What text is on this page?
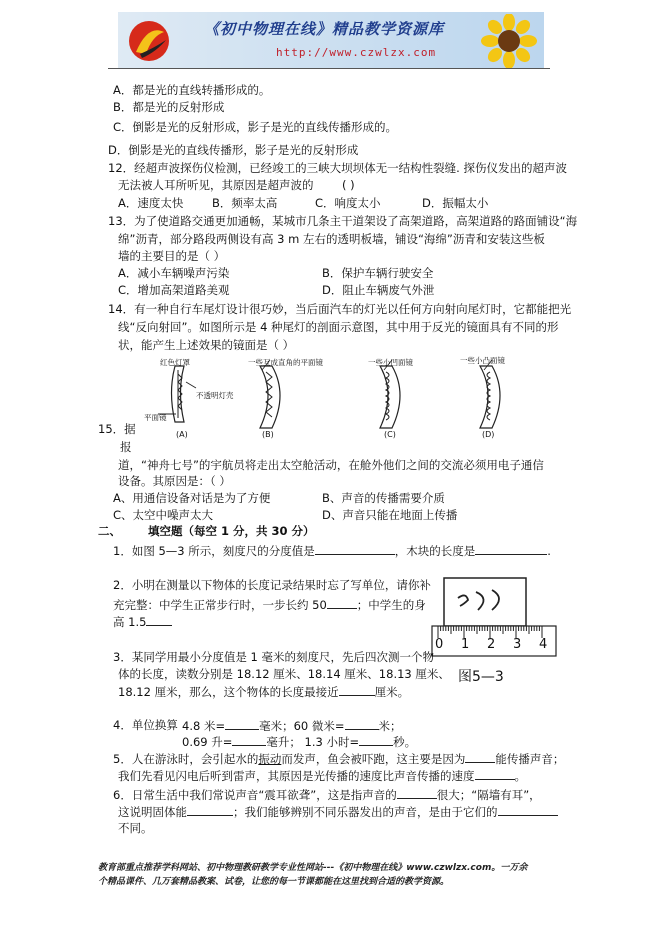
《初中物理在线》精品教学资源库
http://www.czwlzx.com
A．都是光的直线转播形成的。
B．都是光的反射形成
C．倒影是光的反射形成，影子是光的直线传播形成的。
D．倒影是光的直线传播形，影子是光的反射形成
12．经超声波探伤仪检测，已经竣工的三峡大坝坝体无一结构性裂缝. 探伤仪发出的超声波
无法被人耳所听见，其原因是超声波的 ( )
A．速度太快 B．频率太高	C．响度太小	D．振幅太小
13．为了使道路交通更加通畅，某城市几条主干道架设了高架道路，高架道路的路面铺设“海
绵”沥青，部分路段两侧设有高 3 m 左右的透明板墙，铺设“海绵”沥青和安装这些板
墙的主要目的是（ ）
A．减小车辆噪声污染	B．保护车辆行驶安全
C．增加高架道路美观	D．阻止车辆废气外泄
14．有一种自行车尾灯设计很巧妙，当后面汽车的灯光以任何方向射向尾灯时，它都能把光
线“反向射回”。如图所示是 4 种尾灯的剖面示意图，其中用于反光的镜面具有不同的形
状，能产生上述效果的镜面是（ ）
红色灯罩
不透明灯壳
平面镜
一些互成直角的平面镜	一些小凹面镜	一些小凸面镜
(A)	(B)	(C)	(D)
15．据
报
道，“神舟七号”的宇航员将走出太空舱活动，在舱外他们之间的交流必须用电子通信
设备。其原因是：（ ）
A、用通信设备对话是为了方便	B、声音的传播需要介质
C、太空中噪声太大	D、声音只能在地面上传播
二、 填空题（每空 1 分，共 30 分）
1．如图 5—3 所示，刻度尺的分度值是	，木块的长度是	.
2．小明在测量以下物体的长度记录结果时忘了写单位，请你补
充完整：中学生正常步行时，一步长约 50	；中学生的身
高 1.5
0 1 2 3 4
图5—3
3．某同学用最小分度值是 1 毫米的刻度尺，先后四次测一个物
体的长度，读数分别是 18.12 厘米、18.14 厘米、18.13 厘米、
18.12 厘米，那么，这个物体的长度最接近	厘米。
4．单位换算 4.8 米=	毫米；60 微米=	米；
0.69 升=	毫升； 1.3 小时=	秒。
5．人在游泳时，会引起水的振动而发声，鱼会被吓跑，这主要是因为	能传播声音；
我们先看见闪电后听到雷声，其原因是光传播的速度比声音传播的速度	。
6．日常生活中我们常说声音“震耳欲聋”，这是指声音的	很大；“隔墙有耳”，
这说明固体能	；我们能够辨别不同乐器发出的声音，是由于它们的
不同。
教育部重点推荐学科网站、初中物理教研教学专业性网站---《初中物理在线》www.czwlzx.com。一万余
个精品课件、几万套精品教案、试卷，让您的每一节课都能在这里找到合适的教学资源。
